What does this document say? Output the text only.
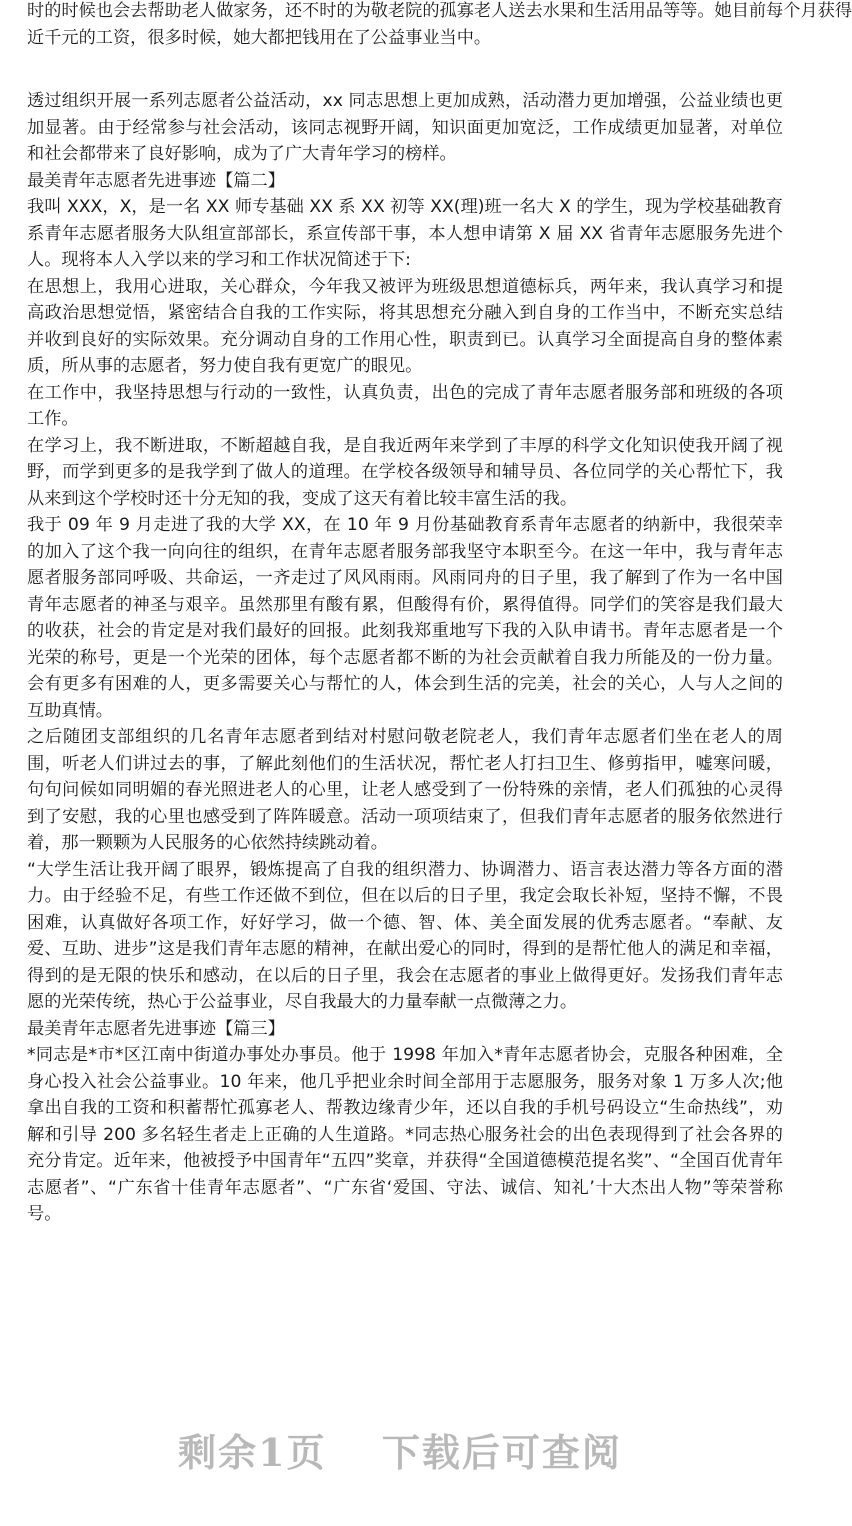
时的时候也会去帮助老人做家务，还不时的为敬老院的孤寡老人送去水果和生活用品等等。她目前每个月获得
近千元的工资，很多时候，她大都把钱用在了公益事业当中。

透过组织开展一系列志愿者公益活动，xx 同志思想上更加成熟，活动潜力更加增强，公益业绩也更加显著。由于经常参与社会活动，该同志视野开阔，知识面更加宽泛，工作成绩更加显著，对单位和社会都带来了良好影响，成为了广大青年学习的榜样。

最美青年志愿者先进事迹【篇二】

我叫 XXX，X，是一名 XX 师专基础 XX 系 XX 初等 XX(理)班一名大 X 的学生，现为学校基础教育系青年志愿者服务大队组宣部部长，系宣传部干事，本人想申请第 X 届 XX 省青年志愿服务先进个人。现将本人入学以来的学习和工作状况简述于下:

在思想上，我用心进取，关心群众，今年我又被评为班级思想道德标兵，两年来，我认真学习和提高政治思想觉悟，紧密结合自我的工作实际，将其思想充分融入到自身的工作当中，不断充实总结并收到良好的实际效果。充分调动自身的工作用心性，职责到已。认真学习全面提高自身的整体素质，所从事的志愿者，努力使自我有更宽广的眼见。

在工作中，我坚持思想与行动的一致性，认真负责，出色的完成了青年志愿者服务部和班级的各项工作。

在学习上，我不断进取，不断超越自我，是自我近两年来学到了丰厚的科学文化知识使我开阔了视野，而学到更多的是我学到了做人的道理。在学校各级领导和辅导员、各位同学的关心帮忙下，我从来到这个学校时还十分无知的我，变成了这天有着比较丰富生活的我。

我于 09 年 9 月走进了我的大学 XX，在 10 年 9 月份基础教育系青年志愿者的纳新中，我很荣幸的加入了这个我一向向往的组织，在青年志愿者服务部我坚守本职至今。在这一年中，我与青年志愿者服务部同呼吸、共命运，一齐走过了风风雨雨。风雨同舟的日子里，我了解到了作为一名中国青年志愿者的神圣与艰辛。虽然那里有酸有累，但酸得有价，累得值得。同学们的笑容是我们最大的收获，社会的肯定是对我们最好的回报。此刻我郑重地写下我的入队申请书。青年志愿者是一个光荣的称号，更是一个光荣的团体，每个志愿者都不断的为社会贡献着自我力所能及的一份力量。会有更多有困难的人，更多需要关心与帮忙的人，体会到生活的完美，社会的关心，人与人之间的互助真情。

之后随团支部组织的几名青年志愿者到结对村慰问敬老院老人，我们青年志愿者们坐在老人的周围，听老人们讲过去的事，了解此刻他们的生活状况，帮忙老人打扫卫生、修剪指甲，嘘寒问暖，句句问候如同明媚的春光照进老人的心里，让老人感受到了一份特殊的亲情，老人们孤独的心灵得到了安慰，我的心里也感受到了阵阵暖意。活动一项项结束了，但我们青年志愿者的服务依然进行着，那一颗颗为人民服务的心依然持续跳动着。

“大学生活让我开阔了眼界，锻炼提高了自我的组织潜力、协调潜力、语言表达潜力等各方面的潜力。由于经验不足，有些工作还做不到位，但在以后的日子里，我定会取长补短，坚持不懈，不畏困难，认真做好各项工作，好好学习，做一个德、智、体、美全面发展的优秀志愿者。“奉献、友爱、互助、进步”这是我们青年志愿的精神，在献出爱心的同时，得到的是帮忙他人的满足和幸福，得到的是无限的快乐和感动，在以后的日子里，我会在志愿者的事业上做得更好。发扬我们青年志愿的光荣传统，热心于公益事业，尽自我最大的力量奉献一点微薄之力。

最美青年志愿者先进事迹【篇三】

*同志是*市*区江南中街道办事处办事员。他于 1998 年加入*青年志愿者协会，克服各种困难，全身心投入社会公益事业。10 年来，他几乎把业余时间全部用于志愿服务，服务对象 1 万多人次;他拿出自我的工资和积蓄帮忙孤寡老人、帮教边缘青少年，还以自我的手机号码设立“生命热线”，劝解和引导 200 多名轻生者走上正确的人生道路。*同志热心服务社会的出色表现得到了社会各界的充分肯定。近年来，他被授予中国青年“五四”奖章，并获得“全国道德模范提名奖”、“全国百优青年志愿者”、“广东省十佳青年志愿者”、“广东省‘爱国、守法、诚信、知礼’十大杰出人物”等荣誉称号。

剩余1页 下载后可查阅
